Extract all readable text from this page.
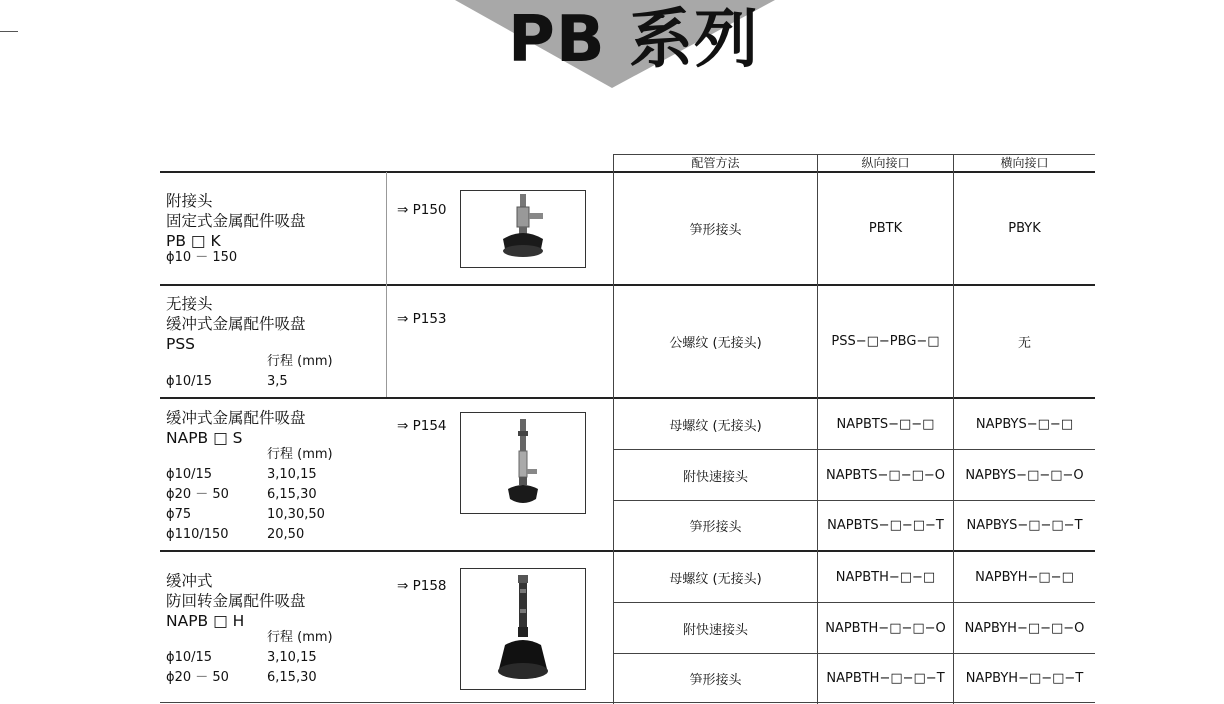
PB 系列
配管方法	纵向接口	横向接口
附接头
固定式金属配件吸盘
PB □ K
ϕ10 － 150
⇒ P150
笋形接头	PBTK	PBYK
无接头
缓冲式金属配件吸盘
PSS
行程 (mm)
ϕ10/15	3,5
⇒ P153
公螺纹 (无接头)	PSS−□−PBG−□	无
缓冲式金属配件吸盘
NAPB □ S
行程 (mm)
ϕ10/15	3,10,15
ϕ20 － 50	6,15,30
ϕ75	10,30,50
ϕ110/150	20,50
⇒ P154	母螺纹 (无接头)	NAPBTS−□−□	NAPBYS−□−□
附快速接头	NAPBTS−□−□−O	NAPBYS−□−□−O
笋形接头	NAPBTS−□−□−T	NAPBYS−□−□−T
缓冲式
防回转金属配件吸盘
NAPB □ H
行程 (mm)
ϕ10/15	3,10,15
ϕ20 － 50	6,15,30
⇒ P158	母螺纹 (无接头)	NAPBTH−□−□	NAPBYH−□−□
附快速接头	NAPBTH−□−□−O	NAPBYH−□−□−O
笋形接头	NAPBTH−□−□−T	NAPBYH−□−□−T
